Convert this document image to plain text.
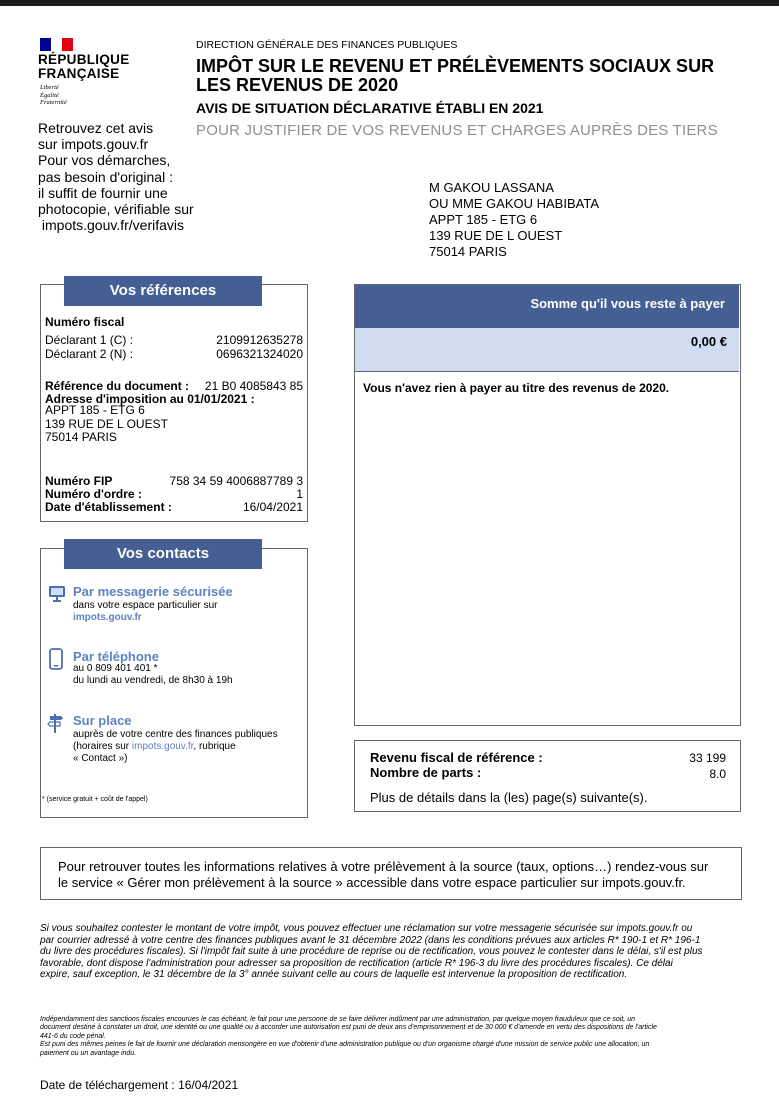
RÉPUBLIQUE
FRANÇAISE
Liberté
Égalité
Fraternité
DIRECTION GÉNÉRALE DES FINANCES PUBLIQUES
IMPÔT SUR LE REVENU ET PRÉLÈVEMENTS SOCIAUX SUR
LES REVENUS DE 2020
AVIS DE SITUATION DÉCLARATIVE ÉTABLI EN 2021
POUR JUSTIFIER DE VOS REVENUS ET CHARGES AUPRÈS DES TIERS
Retrouvez cet avis
sur impots.gouv.fr
Pour vos démarches,
pas besoin d'original :
il suffit de fournir une
photocopie, vérifiable sur
impots.gouv.fr/verifavis
M GAKOU LASSANA
OU MME GAKOU HABIBATA
APPT 185 - ETG 6
139 RUE DE L OUEST
75014 PARIS
Vos références
Numéro fiscal
Déclarant 1 (C) :	2109912635278
Déclarant 2 (N) :	0696321324020
Référence du document :	21 B0 4085843 85
Adresse d'imposition au 01/01/2021 :
APPT 185 - ETG 6
139 RUE DE L OUEST
75014 PARIS
Numéro FIP	758 34 59 4006887789 3
Numéro d'ordre :	1
Date d'établissement :	16/04/2021
Vos contacts
Par messagerie sécurisée
dans votre espace particulier sur
impots.gouv.fr
Par téléphone
au 0 809 401 401 *
du lundi au vendredi, de 8h30 à 19h
Sur place
auprès de votre centre des finances publiques
(horaires sur impots.gouv.fr, rubrique
« Contact »)
* (service gratuit + coût de l'appel)
Somme qu'il vous reste à payer
0,00 €
Vous n'avez rien à payer au titre des revenus de 2020.
Revenu fiscal de référence :	33 199
Nombre de parts :	8.0
Plus de détails dans la (les) page(s) suivante(s).
Pour retrouver toutes les informations relatives à votre prélèvement à la source (taux, options…) rendez-vous sur
le service « Gérer mon prélèvement à la source » accessible dans votre espace particulier sur impots.gouv.fr.
Si vous souhaitez contester le montant de votre impôt, vous pouvez effectuer une réclamation sur votre messagerie sécurisée sur impots.gouv.fr ou
par courrier adressé à votre centre des finances publiques avant le 31 décembre 2022 (dans les conditions prévues aux articles R* 190-1 et R* 196-1
du livre des procédures fiscales). Si l'impôt fait suite à une procédure de reprise ou de rectification, vous pouvez le contester dans le délai, s'il est plus
favorable, dont dispose l'administration pour adresser sa proposition de rectification (article R* 196-3 du livre des procédures fiscales). Ce délai
expire, sauf exception, le 31 décembre de la 3° année suivant celle au cours de laquelle est intervenue la proposition de rectification.
Indépendamment des sanctions fiscales encourues le cas échéant, le fait pour une personne de se faire délivrer indûment par une administration, par quelque moyen frauduleux que ce soit, un
document destiné à constater un droit, une identité ou une qualité ou à accorder une autorisation est puni de deux ans d'emprisonnement et de 30 000 € d'amende en vertu des dispositions de l'article
441-6 du code pénal.
Est puni des mêmes peines le fait de fournir une déclaration mensongère en vue d'obtenir d'une administration publique ou d'un organisme chargé d'une mission de service public une allocation, un
paiement ou un avantage indu.
Date de téléchargement : 16/04/2021
